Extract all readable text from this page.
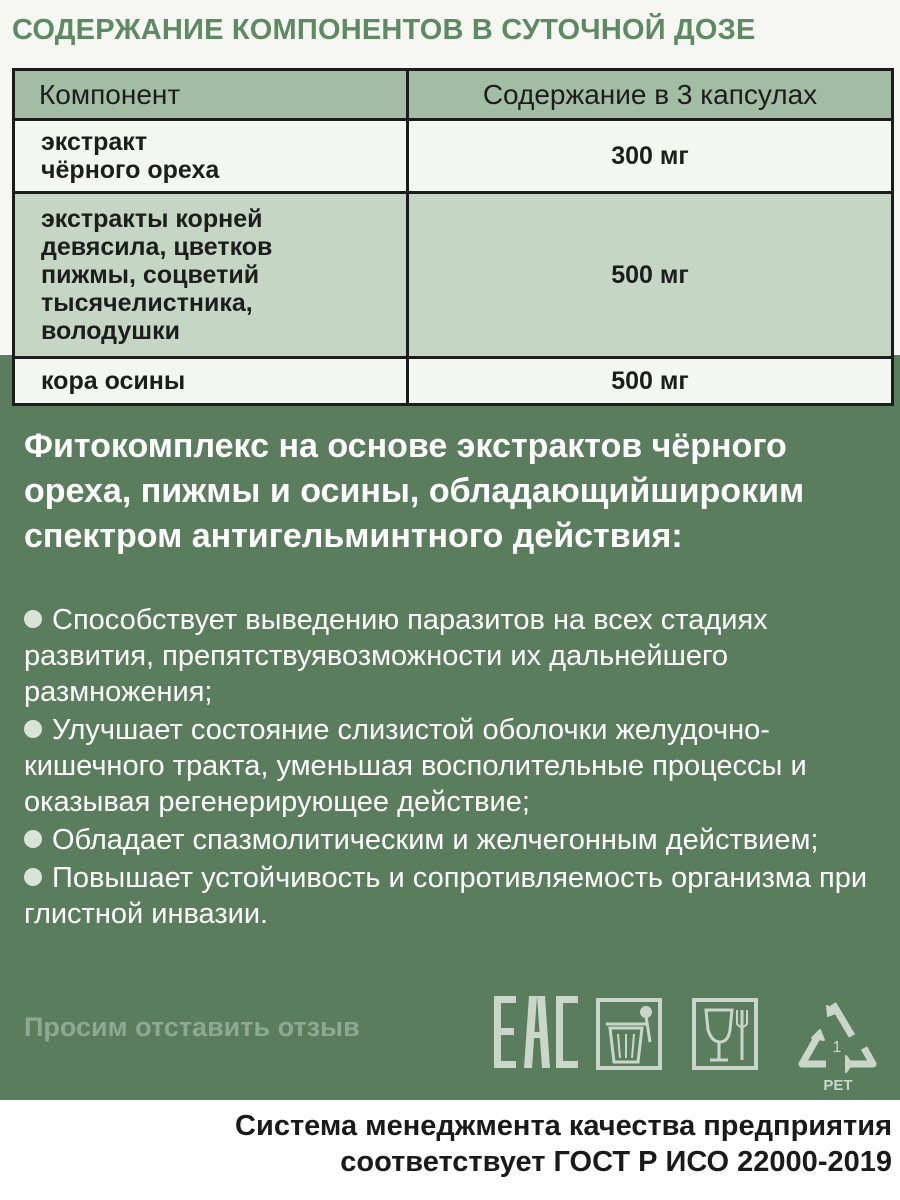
СОДЕРЖАНИЕ КОМПОНЕНТОВ В СУТОЧНОЙ ДОЗЕ
Компонент	Содержание в 3 капсулах
экстракт
чёрного ореха	300 мг
экстракты корней
девясила, цветков
пижмы, соцветий
тысячелистника,
володушки	500 мг
кора осины	500 мг

Фитокомплекс на основе экстрактов чёрного ореха, пижмы и осины, обладающийшироким спектром антигельминтного действия:

Способствует выведению паразитов на всех стадиях развития, препятствуявозможности их дальнейшего размножения;
Улучшает состояние слизистой оболочки желудочно-кишечного тракта, уменьшая восполительные процессы и оказывая регенерирующее действие;
Обладает спазмолитическим и желчегонным действием;
Повышает устойчивость и сопротивляемость организма при глистной инвазии.
Просим отставить отзыв
1
PET
Система менеджмента качества предприятия
соответствует ГОСТ Р ИСО 22000-2019
